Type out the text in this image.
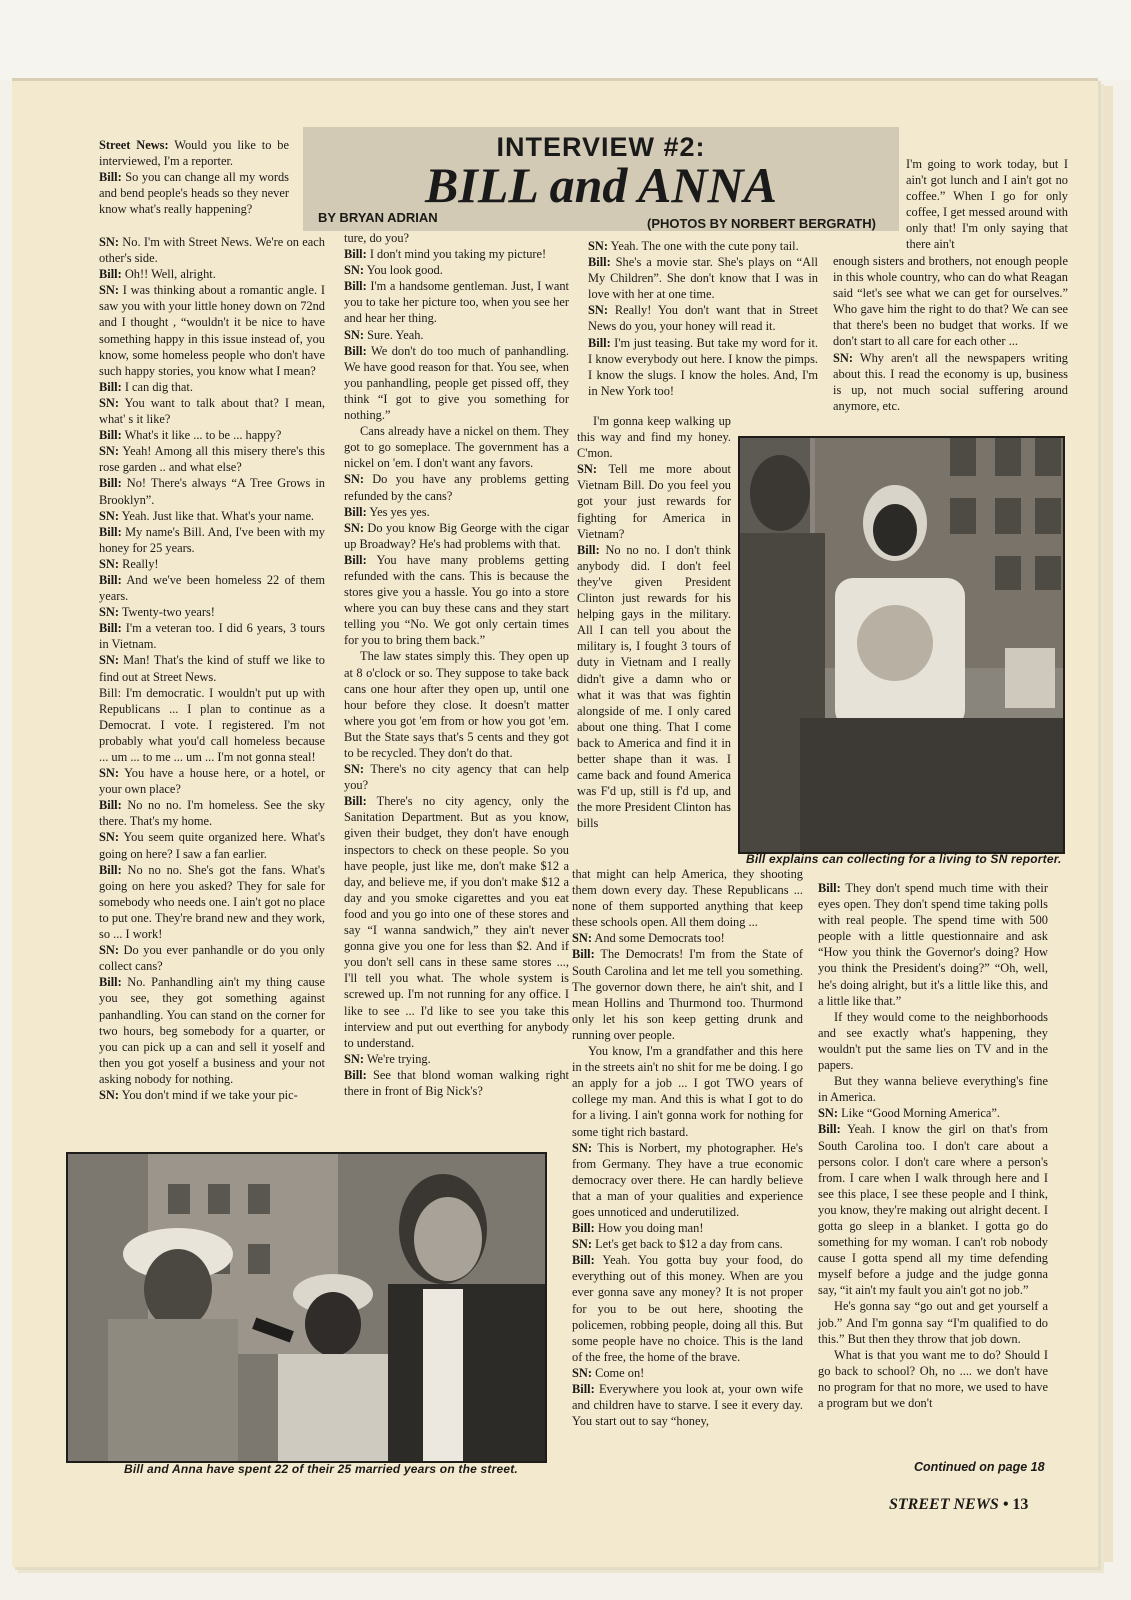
INTERVIEW #2:
BILL and ANNA
BY BRYAN ADRIAN	(PHOTOS BY NORBERT BERGRATH)

Street News: Would you like to be interviewed, I'm a reporter.

Bill: So you can change all my words and bend people's heads so they never know what's really happening?

SN: No. I'm with Street News. We're on each other's side.

Bill: Oh!! Well, alright.

SN: I was thinking about a romantic angle. I saw you with your little honey down on 72nd and I thought , “wouldn't it be nice to have something happy in this issue instead of, you know, some homeless people who don't have such happy stories, you know what I mean?

Bill: I can dig that.

SN: You want to talk about that? I mean, what' s it like?

Bill: What's it like ... to be ... happy?

SN: Yeah! Among all this misery there's this rose garden .. and what else?

Bill: No! There's always “A Tree Grows in Brooklyn”.

SN: Yeah. Just like that. What's your name.

Bill: My name's Bill. And, I've been with my honey for 25 years.

SN: Really!

Bill: And we've been homeless 22 of them years.

SN: Twenty-two years!

Bill: I'm a veteran too. I did 6 years, 3 tours in Vietnam.

SN: Man! That's the kind of stuff we like to find out at Street News.

Bill: I'm democratic. I wouldn't put up with Republicans ... I plan to continue as a Democrat. I vote. I registered. I'm not probably what you'd call homeless because ... um ... to me ... um ... I'm not gonna steal!

SN: You have a house here, or a hotel, or your own place?

Bill: No no no. I'm homeless. See the sky there. That's my home.

SN: You seem quite organized here. What's going on here? I saw a fan earlier.

Bill: No no no. She's got the fans. What's going on here you asked? They for sale for somebody who needs one. I ain't got no place to put one. They're brand new and they work, so ... I work!

SN: Do you ever panhandle or do you only collect cans?

Bill: No. Panhandling ain't my thing cause you see, they got something against panhandling. You can stand on the corner for two hours, beg somebody for a quarter, or you can pick up a can and sell it yoself and then you got yoself a business and your not asking nobody for nothing.

SN: You don't mind if we take your pic-

ture, do you?

Bill: I don't mind you taking my picture!

SN: You look good.

Bill: I'm a handsome gentleman. Just, I want you to take her picture too, when you see her and hear her thing.

SN: Sure. Yeah.

Bill: We don't do too much of panhandling. We have good reason for that. You see, when you panhandling, people get pissed off, they think “I got to give you something for nothing.”

Cans already have a nickel on them. They got to go someplace. The government has a nickel on 'em. I don't want any favors.

SN: Do you have any problems getting refunded by the cans?

Bill: Yes yes yes.

SN: Do you know Big George with the cigar up Broadway? He's had problems with that.

Bill: You have many problems getting refunded with the cans. This is because the stores give you a hassle. You go into a store where you can buy these cans and they start telling you “No. We got only certain times for you to bring them back.”

The law states simply this. They open up at 8 o'clock or so. They suppose to take back cans one hour after they open up, until one hour before they close. It doesn't matter where you got 'em from or how you got 'em. But the State says that's 5 cents and they got to be recycled. They don't do that.

SN: There's no city agency that can help you?

Bill: There's no city agency, only the Sanitation Department. But as you know, given their budget, they don't have enough inspectors to check on these people. So you have people, just like me, don't make $12 a day, and believe me, if you don't make $12 a day and you smoke cigarettes and you eat food and you go into one of these stores and say “I wanna sandwich,” they ain't never gonna give you one for less than $2. And if you don't sell cans in these same stores ..., I'll tell you what. The whole system is screwed up. I'm not running for any office. I like to see ... I'd like to see you take this interview and put out everthing for anybody to understand.

SN: We're trying.

Bill: See that blond woman walking right there in front of Big Nick's?

SN: Yeah. The one with the cute pony tail.

Bill: She's a movie star. She's plays on “All My Children”. She don't know that I was in love with her at one time.

SN: Really! You don't want that in Street News do you, your honey will read it.

Bill: I'm just teasing. But take my word for it. I know everybody out here. I know the pimps. I know the slugs. I know the holes. And, I'm in New York too!

I'm gonna keep walking up this way and find my honey. C'mon.

SN: Tell me more about Vietnam Bill. Do you feel you got your just rewards for fighting for America in Vietnam?

Bill: No no no. I don't think anybody did. I don't feel they've given President Clinton just rewards for his helping gays in the military. All I can tell you about the military is, I fought 3 tours of duty in Vietnam and I really didn't give a damn who or what it was that was fightin alongside of me. I only cared about one thing. That I come back to America and find it in better shape than it was. I came back and found America was F'd up, still is f'd up, and the more President Clinton has bills

that might can help America, they shooting them down every day. These Republicans ... none of them supported anything that keep these schools open. All them doing ...

SN: And some Democrats too!

Bill: The Democrats! I'm from the State of South Carolina and let me tell you something. The governor down there, he ain't shit, and I mean Hollins and Thurmond too. Thurmond only let his son keep getting drunk and running over people.

You know, I'm a grandfather and this here in the streets ain't no shit for me be doing. I go an apply for a job ... I got TWO years of college my man. And this is what I got to do for a living. I ain't gonna work for nothing for some tight rich bastard.

SN: This is Norbert, my photographer. He's from Germany. They have a true economic democracy over there. He can hardly believe that a man of your qualities and experience goes unnoticed and underutilized.

Bill: How you doing man!

SN: Let's get back to $12 a day from cans.

Bill: Yeah. You gotta buy your food, do everything out of this money. When are you ever gonna save any money? It is not proper for you to be out here, shooting the policemen, robbing people, doing all this. But some people have no choice. This is the land of the free, the home of the brave.

SN: Come on!

Bill: Everywhere you look at, your own wife and children have to starve. I see it every day. You start out to say “honey,

I'm going to work today, but I ain't got lunch and I ain't got no coffee.” When I go for only coffee, I get messed around with only that! I'm only saying that there ain't

enough sisters and brothers, not enough people in this whole country, who can do what Reagan said “let's see what we can get for ourselves.” Who gave him the right to do that? We can see that there's been no budget that works. If we don't start to all care for each other ...

SN: Why aren't all the newspapers writing about this. I read the economy is up, business is up, not much social suffering around anymore, etc.

Bill: They don't spend much time with their eyes open. They don't spend time taking polls with real people. The spend time with 500 people with a little questionnaire and ask “How you think the Governor's doing? How you think the President's doing?” “Oh, well, he's doing alright, but it's a little like this, and a little like that.”

If they would come to the neighborhoods and see exactly what's happening, they wouldn't put the same lies on TV and in the papers.

But they wanna believe everything's fine in America.

SN: Like “Good Morning America”.

Bill: Yeah. I know the girl on that's from South Carolina too. I don't care about a persons color. I don't care where a person's from. I care when I walk through here and I see this place, I see these people and I think, you know, they're making out alright decent. I gotta go sleep in a blanket. I gotta go do something for my woman. I can't rob nobody cause I gotta spend all my time defending myself before a judge and the judge gonna say, “it ain't my fault you ain't got no job.”

He's gonna say “go out and get yourself a job.” And I'm gonna say “I'm qualified to do this.” But then they throw that job down.

What is that you want me to do? Should I go back to school? Oh, no .... we don't have no program for that no more, we used to have a program but we don't

Bill explains can collecting for a living to SN reporter.
Bill and Anna have spent 22 of their 25 married years on the street.	Continued on page 18
STREET NEWS • 13
